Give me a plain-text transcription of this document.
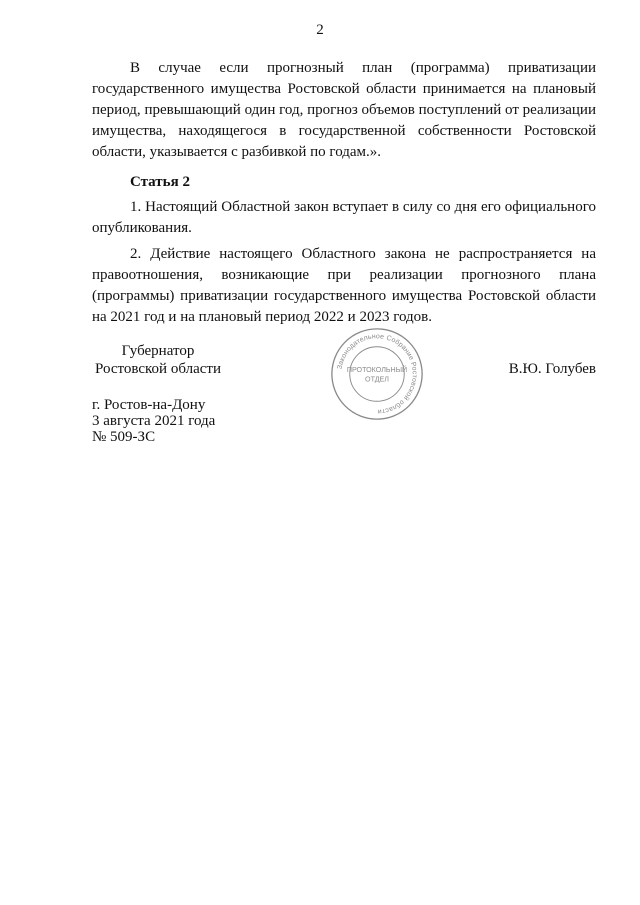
2

В случае если прогнозный план (программа) приватизации государственного имущества Ростовской области принимается на плановый период, превышающий один год, прогноз объемов поступлений от реализации имущества, находящегося в государственной собственности Ростовской области, указывается с разбивкой по годам.».

Статья 2

1. Настоящий Областной закон вступает в силу со дня его официального опубликования.

2. Действие настоящего Областного закона не распространяется на правоотношения, возникающие при реализации прогнозного плана (программы) приватизации государственного имущества Ростовской области на 2021 год и на плановый период 2022 и 2023 годов.

Губернатор
Ростовской области	Законодательное Собрание Ростовской области
ПРОТОКОЛЬНЫЙ
ОТДЕЛ
В.Ю. Голубев
г. Ростов-на-Дону
3 августа 2021 года
№ 509-ЗС
